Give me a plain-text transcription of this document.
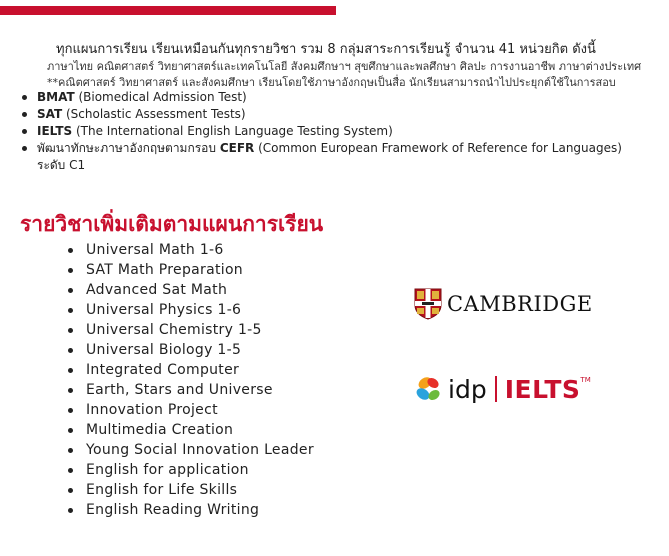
ทุกแผนการเรียน เรียนเหมือนกันทุกรายวิชา รวม 8 กลุ่มสาระการเรียนรู้ จำนวน 41 หน่วยกิต ดังนี้
ภาษาไทย คณิตศาสตร์ วิทยาศาสตร์และเทคโนโลยี สังคมศึกษาฯ สุขศึกษาและพลศึกษา ศิลปะ การงานอาชีพ ภาษาต่างประเทศ
**คณิตศาสตร์ วิทยาศาสตร์ และสังคมศึกษา เรียนโดยใช้ภาษาอังกฤษเป็นสื่อ นักเรียนสามารถนำไปประยุกต์ใช้ในการสอบ
BMAT (Biomedical Admission Test)
SAT (Scholastic Assessment Tests)
IELTS (The International English Language Testing System)
พัฒนาทักษะภาษาอังกฤษตามกรอบ CEFR (Common European Framework of Reference for Languages)
ระดับ C1
รายวิชาเพิ่มเติมตามแผนการเรียน
Universal Math 1-6
SAT Math Preparation
Advanced Sat Math
Universal Physics 1-6
Universal Chemistry 1-5
Universal Biology 1-5
Integrated Computer
Earth, Stars and Universe
Innovation Project
Multimedia Creation
Young Social Innovation Leader
English for application
English for Life Skills
English Reading Writing
CAMBRIDGE
idp IELTS TM
